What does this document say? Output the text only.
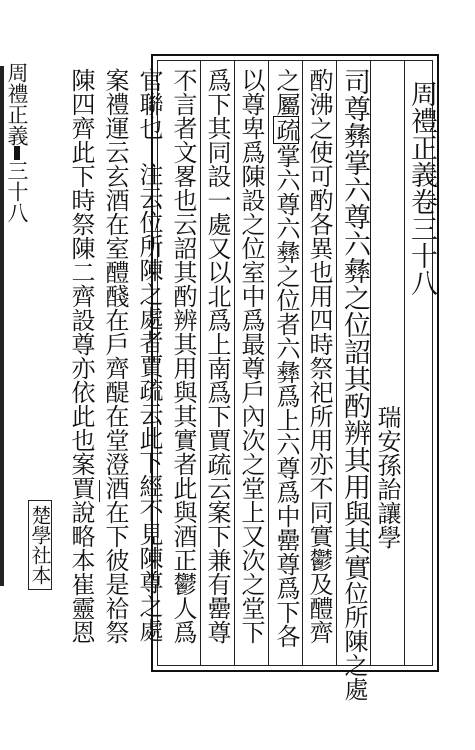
周禮正義三十八	周禮正義卷三十八
瑞安孫詒讓學
司尊彝掌六尊六彝之位詔其酌辨其用與其實位所陳之處
酌沸之使可酌各異也用四時祭祀所用亦不同實鬱及醴齊
之屬疏掌六尊六彝之位者六彝爲上六尊爲中罍尊爲下各
以尊卑爲陳設之位室中爲最尊戶內次之堂上又次之堂下
爲下其同設一處又以北爲上南爲下賈疏云案下兼有罍尊
不言者文畧也云詔其酌辨其用與其實者此與酒正鬱人爲
官聯也注云位所陳之處者賈疏云此下經不見陳尊之處
案禮運云玄酒在室醴醆在戶齊醍在堂澄酒在下彼是祫祭
陳四齊此下時祭陳二齊設尊亦依此也案賈說略本崔靈恩
楚學社本
